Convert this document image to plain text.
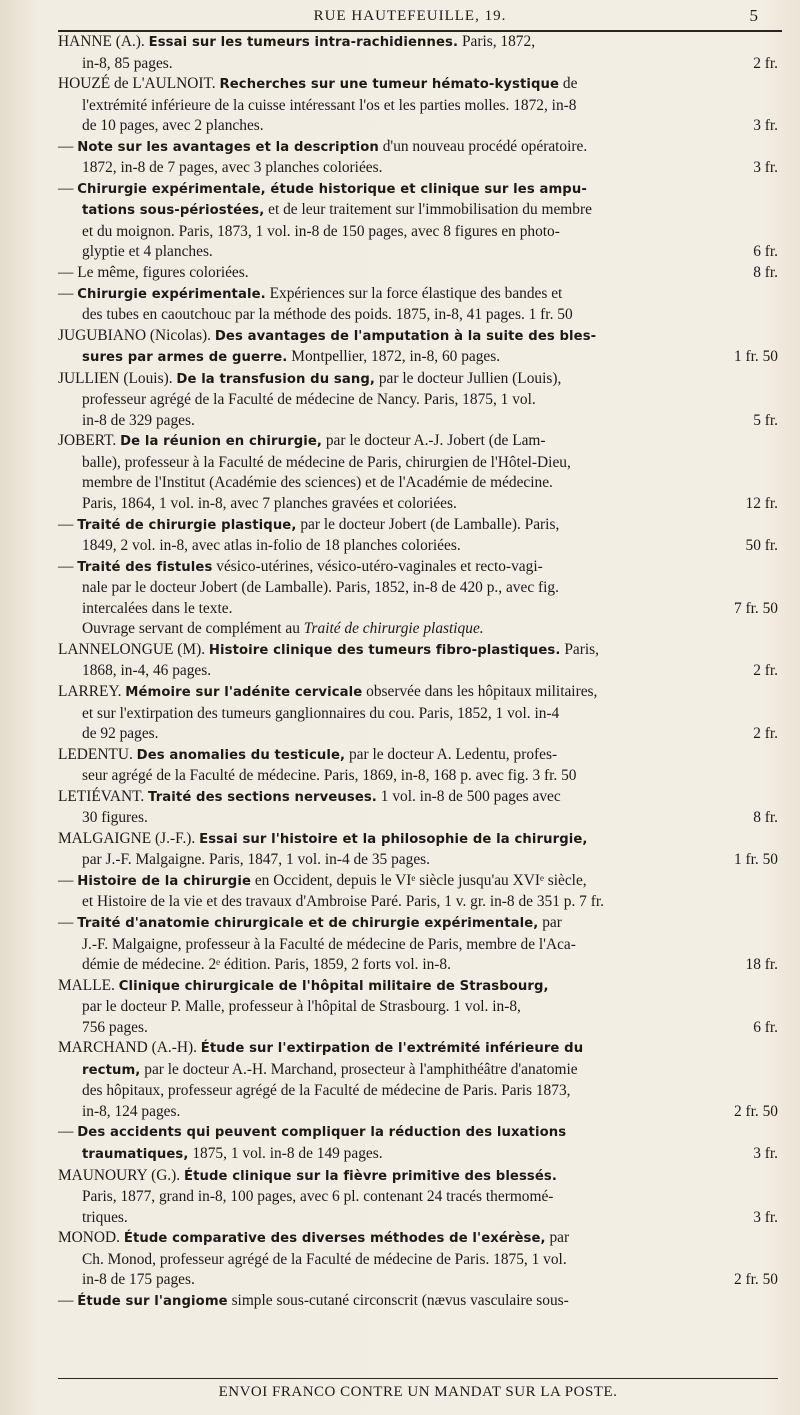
RUE HAUTEFEUILLE, 19.	5
HANNE (A.). Essai sur les tumeurs intra-rachidiennes. Paris, 1872,
in-8, 85 pages.	2 fr.
HOUZÉ de L'AULNOIT. Recherches sur une tumeur hémato-kystique de
l'extrémité inférieure de la cuisse intéressant l'os et les parties molles. 1872, in-8
de 10 pages, avec 2 planches.	3 fr.
— Note sur les avantages et la description d'un nouveau procédé opératoire.
1872, in-8 de 7 pages, avec 3 planches coloriées.	3 fr.
— Chirurgie expérimentale, étude historique et clinique sur les ampu-
tations sous-périostées, et de leur traitement sur l'immobilisation du membre
et du moignon. Paris, 1873, 1 vol. in-8 de 150 pages, avec 8 figures en photo-
glyptie et 4 planches.	6 fr.
— Le même, figures coloriées.	8 fr.
— Chirurgie expérimentale. Expériences sur la force élastique des bandes et
des tubes en caoutchouc par la méthode des poids. 1875, in-8, 41 pages. 1 fr. 50
JUGUBIANO (Nicolas). Des avantages de l'amputation à la suite des bles-
sures par armes de guerre. Montpellier, 1872, in-8, 60 pages.	1 fr. 50
JULLIEN (Louis). De la transfusion du sang, par le docteur Jullien (Louis),
professeur agrégé de la Faculté de médecine de Nancy. Paris, 1875, 1 vol.
in-8 de 329 pages.	5 fr.
JOBERT. De la réunion en chirurgie, par le docteur A.-J. Jobert (de Lam-
balle), professeur à la Faculté de médecine de Paris, chirurgien de l'Hôtel-Dieu,
membre de l'Institut (Académie des sciences) et de l'Académie de médecine.
Paris, 1864, 1 vol. in-8, avec 7 planches gravées et coloriées.	12 fr.
— Traité de chirurgie plastique, par le docteur Jobert (de Lamballe). Paris,
1849, 2 vol. in-8, avec atlas in-folio de 18 planches coloriées.	50 fr.
— Traité des fistules vésico-utérines, vésico-utéro-vaginales et recto-vagi-
nale par le docteur Jobert (de Lamballe). Paris, 1852, in-8 de 420 p., avec fig.
intercalées dans le texte.	7 fr. 50
Ouvrage servant de complément au Traité de chirurgie plastique.
LANNELONGUE (M). Histoire clinique des tumeurs fibro-plastiques. Paris,
1868, in-4, 46 pages.	2 fr.
LARREY. Mémoire sur l'adénite cervicale observée dans les hôpitaux militaires,
et sur l'extirpation des tumeurs ganglionnaires du cou. Paris, 1852, 1 vol. in-4
de 92 pages.	2 fr.
LEDENTU. Des anomalies du testicule, par le docteur A. Ledentu, profes-
seur agrégé de la Faculté de médecine. Paris, 1869, in-8, 168 p. avec fig. 3 fr. 50
LETIÉVANT. Traité des sections nerveuses. 1 vol. in-8 de 500 pages avec
30 figures.	8 fr.
MALGAIGNE (J.-F.). Essai sur l'histoire et la philosophie de la chirurgie,
par J.-F. Malgaigne. Paris, 1847, 1 vol. in-4 de 35 pages.	1 fr. 50
— Histoire de la chirurgie en Occident, depuis le VIᵉ siècle jusqu'au XVIᵉ siècle,
et Histoire de la vie et des travaux d'Ambroise Paré. Paris, 1 v. gr. in-8 de 351 p. 7 fr.
— Traité d'anatomie chirurgicale et de chirurgie expérimentale, par
J.-F. Malgaigne, professeur à la Faculté de médecine de Paris, membre de l'Aca-
démie de médecine. 2ᵉ édition. Paris, 1859, 2 forts vol. in-8.	18 fr.
MALLE. Clinique chirurgicale de l'hôpital militaire de Strasbourg,
par le docteur P. Malle, professeur à l'hôpital de Strasbourg. 1 vol. in-8,
756 pages.	6 fr.
MARCHAND (A.-H). Étude sur l'extirpation de l'extrémité inférieure du
rectum, par le docteur A.-H. Marchand, prosecteur à l'amphithéâtre d'anatomie
des hôpitaux, professeur agrégé de la Faculté de médecine de Paris. Paris 1873,
in-8, 124 pages.	2 fr. 50
— Des accidents qui peuvent compliquer la réduction des luxations
traumatiques, 1875, 1 vol. in-8 de 149 pages.	3 fr.
MAUNOURY (G.). Étude clinique sur la fièvre primitive des blessés.
Paris, 1877, grand in-8, 100 pages, avec 6 pl. contenant 24 tracés thermomé-
triques.	3 fr.
MONOD. Étude comparative des diverses méthodes de l'exérèse, par
Ch. Monod, professeur agrégé de la Faculté de médecine de Paris. 1875, 1 vol.
in-8 de 175 pages.	2 fr. 50
— Étude sur l'angiome simple sous-cutané circonscrit (nævus vasculaire sous-
ENVOI FRANCO CONTRE UN MANDAT SUR LA POSTE.
